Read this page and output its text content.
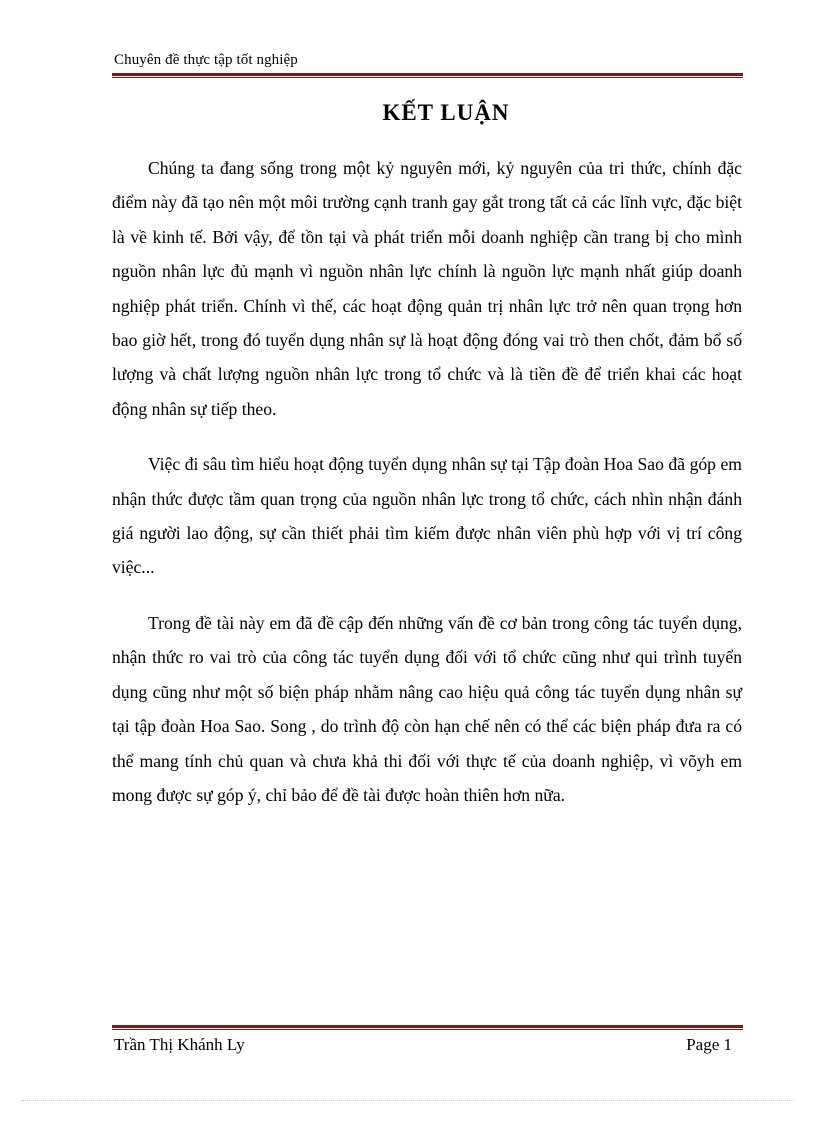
Chuyên đề thực tập tốt nghiệp
KẾT LUẬN

Chúng ta đang sống trong một kỷ nguyên mới, kỷ nguyên của tri thức, chính đặc điểm này đã tạo nên một môi trường cạnh tranh gay gắt trong tất cả các lĩnh vực, đặc biệt là về kinh tế. Bởi vậy, để tồn tại và phát triển mỗi doanh nghiệp cần trang bị cho mình nguồn nhân lực đủ mạnh vì nguồn nhân lực chính là nguồn lực mạnh nhất giúp doanh nghiệp phát triển. Chính vì thế, các hoạt động quản trị nhân lực trở nên quan trọng hơn bao giờ hết, trong đó tuyển dụng nhân sự là hoạt động đóng vai trò then chốt, đảm bổ số lượng và chất lượng nguồn nhân lực trong tổ chức và là tiền đề để triển khai các hoạt động nhân sự tiếp theo.

Việc đi sâu tìm hiểu hoạt động tuyển dụng nhân sự tại Tập đoàn Hoa Sao đã góp em nhận thức được tầm quan trọng của nguồn nhân lực trong tổ chức, cách nhìn nhận đánh giá người lao động, sự cần thiết phải tìm kiếm được nhân viên phù hợp với vị trí công việc...

Trong đề tài này em đã đề cập đến những vấn đề cơ bản trong công tác tuyển dụng, nhận thức ro vai trò của công tác tuyển dụng đối với tổ chức cũng như qui trình tuyển dụng cũng như một số biện pháp nhằm nâng cao hiệu quả công tác tuyển dụng nhân sự tại tập đoàn Hoa Sao. Song , do trình độ còn hạn chế nên có thể các biện pháp đưa ra có thể mang tính chủ quan và chưa khả thi đối với thực tế của doanh nghiệp, vì võyh em mong được sự góp ý, chỉ bảo để đề tài được hoàn thiên hơn nữa.

Trần Thị Khánh Ly	Page 1
